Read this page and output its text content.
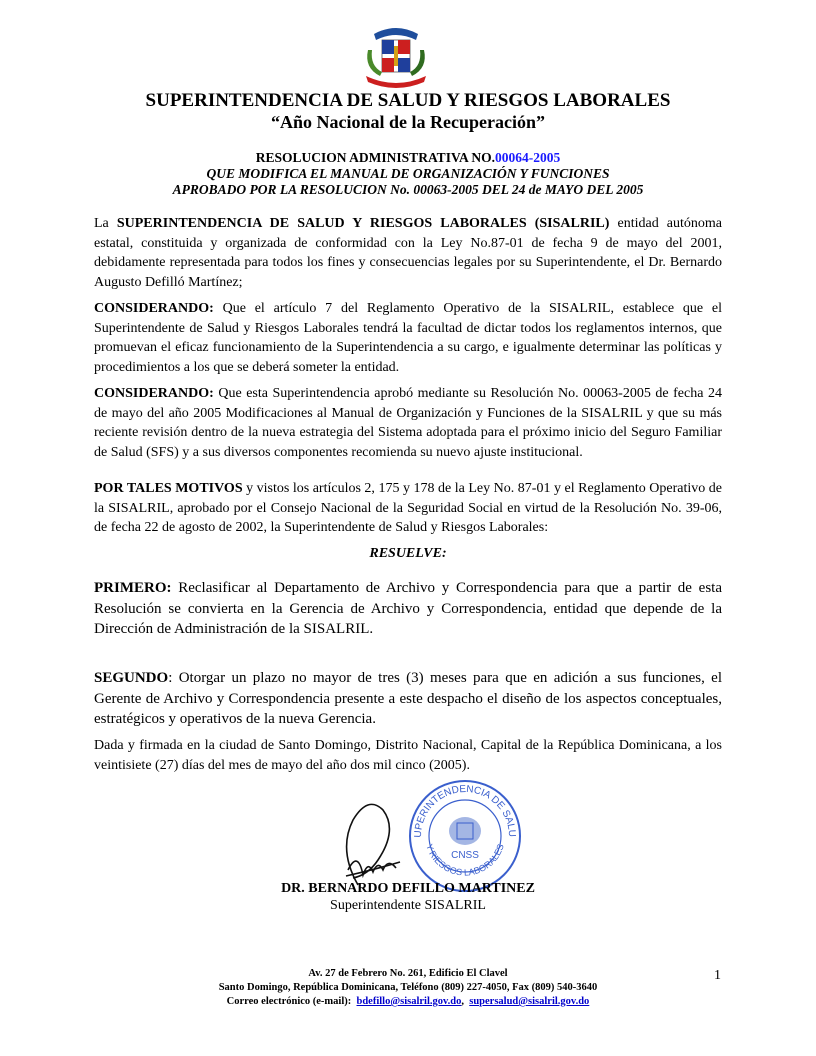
SUPERINTENDENCIA DE SALUD Y RIESGOS LABORALES
“Año Nacional de la Recuperación”
RESOLUCION ADMINISTRATIVA NO.00064-2005
QUE MODIFICA EL MANUAL DE ORGANIZACIÓN Y FUNCIONES
APROBADO POR LA RESOLUCION No. 00063-2005 DEL 24 de MAYO DEL 2005
La SUPERINTENDENCIA DE SALUD Y RIESGOS LABORALES (SISALRIL) entidad autónoma estatal, constituida y organizada de conformidad con la Ley No.87-01 de fecha 9 de mayo del 2001, debidamente representada para todos los fines y consecuencias legales por su Superintendente, el Dr. Bernardo Augusto Defilló Martínez;
CONSIDERANDO: Que el artículo 7 del Reglamento Operativo de la SISALRIL, establece que el Superintendente de Salud y Riesgos Laborales tendrá la facultad de dictar todos los reglamentos internos, que promuevan el eficaz funcionamiento de la Superintendencia a su cargo, e igualmente determinar las políticas y procedimientos a los que se deberá someter la entidad.
CONSIDERANDO: Que esta Superintendencia aprobó mediante su Resolución No. 00063-2005 de fecha 24 de mayo del año 2005 Modificaciones al Manual de Organización y Funciones de la SISALRIL y que su más reciente revisión dentro de la nueva estrategia del Sistema adoptada para el próximo inicio del Seguro Familiar de Salud (SFS) y a sus diversos componentes recomienda su nuevo ajuste institucional.
POR TALES MOTIVOS y vistos los artículos 2, 175 y 178 de la Ley No. 87-01 y el Reglamento Operativo de la SISALRIL, aprobado por el Consejo Nacional de la Seguridad Social en virtud de la Resolución No. 39-06, de fecha 22 de agosto de 2002, la Superintendente de Salud y Riesgos Laborales:
RESUELVE:
PRIMERO: Reclasificar al Departamento de Archivo y Correspondencia para que a partir de esta Resolución se convierta en la Gerencia de Archivo y Correspondencia, entidad que depende de la Dirección de Administración de la SISALRIL.
SEGUNDO: Otorgar un plazo no mayor de tres (3) meses para que en adición a sus funciones, el Gerente de Archivo y Correspondencia presente a este despacho el diseño de los aspectos conceptuales, estratégicos y operativos de la nueva Gerencia.
Dada y firmada en la ciudad de Santo Domingo, Distrito Nacional, Capital de la República Dominicana, a los veintisiete (27) días del mes de mayo del año dos mil cinco (2005).
UPERINTENDENCIA DE SALU
Y RIESGOS LABORALES
CNSS
DR. BERNARDO DEFILLO MARTINEZ
Superintendente SISALRIL
Av. 27 de Febrero No. 261, Edificio El Clavel
Santo Domingo, República Dominicana, Teléfono (809) 227-4050, Fax (809) 540-3640
Correo electrónico (e-mail): bdefillo@sisalril.gov.do, supersalud@sisalril.gov.do
1
